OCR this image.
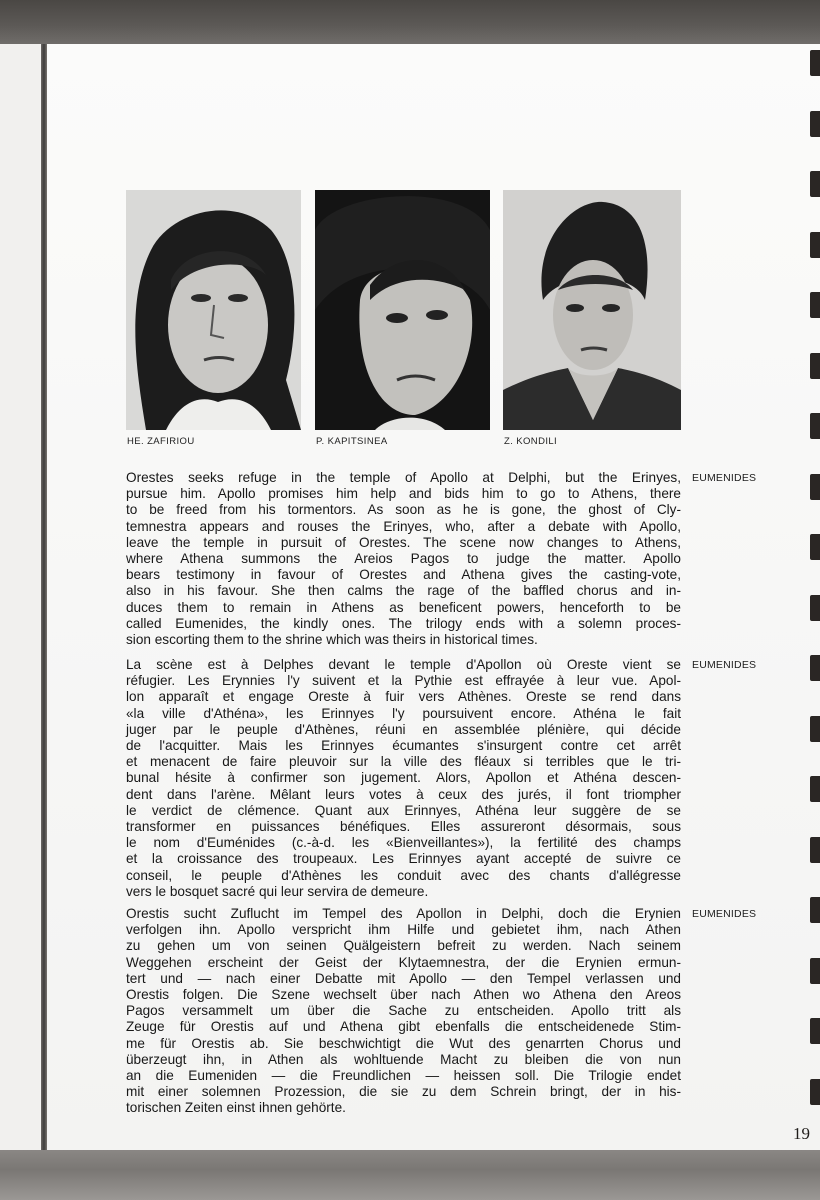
HE. ZAFIRIOU	P. KAPITSINEA	Z. KONDILI
EUMENIDES
Orestes seeks refuge in the temple of Apollo at Delphi, but the Erinyes,
pursue him. Apollo promises him help and bids him to go to Athens, there
to be freed from his tormentors. As soon as he is gone, the ghost of Cly-
temnestra appears and rouses the Erinyes, who, after a debate with Apollo,
leave the temple in pursuit of Orestes. The scene now changes to Athens,
where Athena summons the Areios Pagos to judge the matter. Apollo
bears testimony in favour of Orestes and Athena gives the casting-vote,
also in his favour. She then calms the rage of the baffled chorus and in-
duces them to remain in Athens as beneficent powers, henceforth to be
called Eumenides, the kindly ones. The trilogy ends with a solemn proces-
sion escorting them to the shrine which was theirs in historical times.
EUMENIDES
La scène est à Delphes devant le temple d'Apollon où Oreste vient se
réfugier. Les Erynnies l'y suivent et la Pythie est effrayée à leur vue. Apol-
lon apparaît et engage Oreste à fuir vers Athènes. Oreste se rend dans
«la ville d'Athéna», les Erinnyes l'y poursuivent encore. Athéna le fait
juger par le peuple d'Athènes, réuni en assemblée plénière, qui décide
de l'acquitter. Mais les Erinnyes écumantes s'insurgent contre cet arrêt
et menacent de faire pleuvoir sur la ville des fléaux si terribles que le tri-
bunal hésite à confirmer son jugement. Alors, Apollon et Athéna descen-
dent dans l'arène. Mêlant leurs votes à ceux des jurés, il font triompher
le verdict de clémence. Quant aux Erinnyes, Athéna leur suggère de se
transformer en puissances bénéfiques. Elles assureront désormais, sous
le nom d'Euménides (c.-à-d. les «Bienveillantes»), la fertilité des champs
et la croissance des troupeaux. Les Erinnyes ayant accepté de suivre ce
conseil, le peuple d'Athènes les conduit avec des chants d'allégresse
vers le bosquet sacré qui leur servira de demeure.
EUMENIDES
Orestis sucht Zuflucht im Tempel des Apollon in Delphi, doch die Erynien
verfolgen ihn. Apollo verspricht ihm Hilfe und gebietet ihm, nach Athen
zu gehen um von seinen Quälgeistern befreit zu werden. Nach seinem
Weggehen erscheint der Geist der Klytaemnestra, der die Erynien ermun-
tert und — nach einer Debatte mit Apollo — den Tempel verlassen und
Orestis folgen. Die Szene wechselt über nach Athen wo Athena den Areos
Pagos versammelt um über die Sache zu entscheiden. Apollo tritt als
Zeuge für Orestis auf und Athena gibt ebenfalls die entscheidenede Stim-
me für Orestis ab. Sie beschwichtigt die Wut des genarrten Chorus und
überzeugt ihn, in Athen als wohltuende Macht zu bleiben die von nun
an die Eumeniden — die Freundlichen — heissen soll. Die Trilogie endet
mit einer solemnen Prozession, die sie zu dem Schrein bringt, der in his-
torischen Zeiten einst ihnen gehörte.
19
